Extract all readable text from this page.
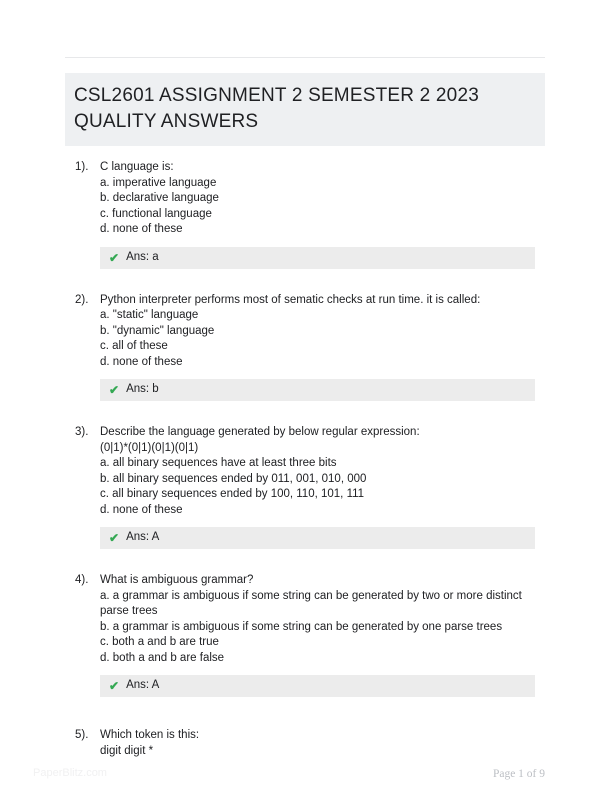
CSL2601 ASSIGNMENT 2 SEMESTER 2 2023 QUALITY ANSWERS
1).	C language is:
a. imperative language
b. declarative language
c. functional language
d. none of these
✔ Ans: a
2).	Python interpreter performs most of sematic checks at run time. it is called:
a. "static" language
b. "dynamic" language
c. all of these
d. none of these
✔ Ans: b
3).	Describe the language generated by below regular expression:
(0|1)*(0|1)(0|1)(0|1)
a. all binary sequences have at least three bits
b. all binary sequences ended by 011, 001, 010, 000
c. all binary sequences ended by 100, 110, 101, 111
d. none of these
✔ Ans: A
4).	What is ambiguous grammar?
a. a grammar is ambiguous if some string can be generated by two or more distinct parse trees
b. a grammar is ambiguous if some string can be generated by one parse trees
c. both a and b are true
d. both a and b are false
✔ Ans: A
5).	Which token is this:
digit digit *
PaperBlitz.com	Page 1 of 9
